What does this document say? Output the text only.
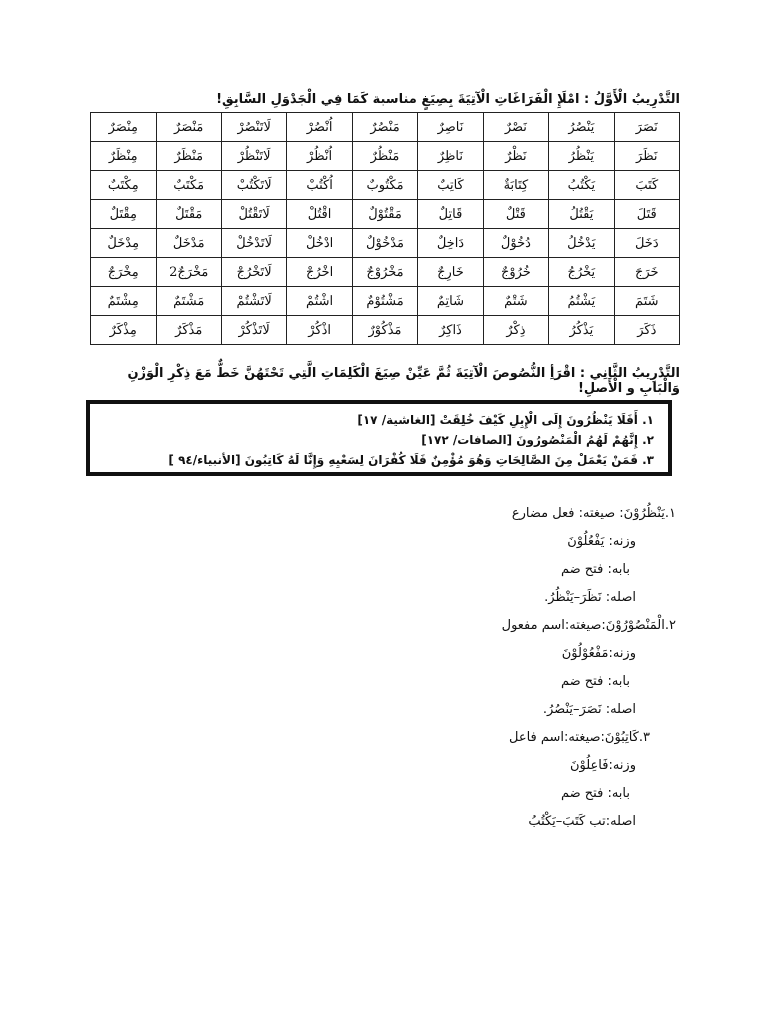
التَّدْرِيبُ الْأَوَّلُ : امْلَإِ الْفَرَاغَاتِ الْآتِيَةَ بِصِيَغٍ مناسبة كَمَا فِي الْجَدْوَلِ السَّابِقِ!
نَصَرَ	يَنْصُرُ	نَصْرٌ	نَاصِرٌ	مَنْصُرٌ	اُنْصُرْ	لَاتَنْصُرْ	مَنْصَرٌ	مِنْصَرٌ
نَظَرَ	يَنْظُرُ	نَظْرٌ	نَاظِرٌ	مَنْظُرٌ	اُنْظُرْ	لَاتَنْظُرْ	مَنْظَرٌ	مِنْظَرٌ
كَتَبَ	يَكْتُبُ	كِتَابَةٌ	كَاتِبٌ	مَكْتُوبٌ	اُكْتُبْ	لَاتَكْتُبْ	مَكْتَبٌ	مِكْتَبٌ
قَتَلَ	يَقْتُلُ	قَتْلٌ	قَاتِلٌ	مَقْتُوْلٌ	اقْتُلْ	لَاتَقْتُلْ	مَقْتَلٌ	مِقْتَلٌ
دَخَلَ	يَدْخُلُ	دُخُوْلٌ	دَاخِلٌ	مَدْخُوْلٌ	ادْخُلْ	لَاتَدْخُلْ	مَدْخَلٌ	مِدْخَلٌ
خَرَجَ	يَخْرُجُ	خُرُوْجٌ	خَارِجٌ	مَخْرُوْجٌ	اخْرُجْ	لَاتَخْرُجْ	مَخْرَجٌ2	مِخْرَجٌ
شَتَمَ	يَشْتُمُ	شَتْمٌ	شَاتِمٌ	مَشْتُوْمٌ	اشْتُمْ	لَاتَشْتُمْ	مَشْتَمٌ	مِشْتَمٌ
ذَكَرَ	يَذْكُرُ	ذِكْرٌ	ذَاكِرٌ	مَذْكُوْرٌ	اذْكُرْ	لَاتَذْكُرْ	مَذْكَرٌ	مِذْكَرٌ
التَّدْرِيبُ الثَّانِي : اقْرَأِ النُّصُوصَ الْآتِيَةَ ثُمَّ عَيِّنْ صِيَغَ الْكَلِمَاتِ الَّتِي تَحْتَهُنَّ خَطٌّ مَعَ ذِكْرِ الْوَزْنِ وَالْبَابِ و الْأَصلِ!
١. أَفَلَا يَنْظُرُونَ إِلَى الْإِبِلِ كَيْفَ خُلِقَتْ [الغاشية/ ١٧]
٢. إِنَّهُمْ لَهُمُ الْمَنْصُورُونَ [الصافات/ ١٧٢]
٣. فَمَنْ يَعْمَلْ مِنَ الصَّالِحَاتِ وَهُوَ مُؤْمِنٌ فَلَا كُفْرَانَ لِسَعْيِهِ وَإِنَّا لَهُ كَاتِبُونَ [الأنبياء/٩٤ ]
١.يَنْظُرُوْنَ: صيغته: فعل مضارع
وزنه: يَفْعُلُوْنَ
بابه: فتح ضم
اصله: نَظَرَ–يَنْظُرُ.
٢.الْمَنْصُوْرُوْنَ:صيغته:اسم مفعول
وزنه:مَفْعُوْلُوْنَ
بابه: فتح ضم
اصله: نَصَرَ–يَنْصُرُ.
٣.كَاتِبُوْنَ:صيغته:اسم فاعل
وزنه:فَاعِلُوْنَ
بابه: فتح ضم
اصله:تب كَتَبَ–يَكْتُبُ
